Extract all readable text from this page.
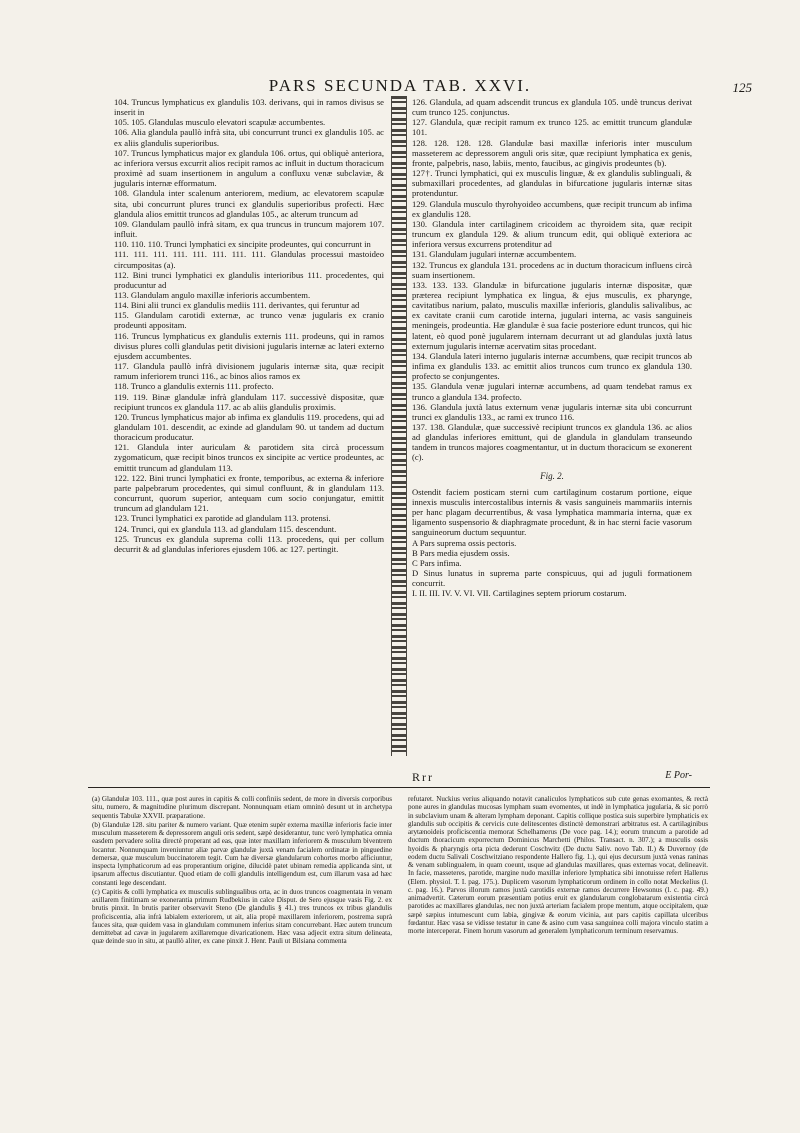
PARS SECUNDA TAB. XXVI.	125

104. Truncus lymphaticus ex glandulis 103. derivans, qui in ramos divisus se inserit in

105. 105. Glandulas musculo elevatori scapulæ accumbentes.

106. Alia glandula paullò infrà sita, ubi concurrunt trunci ex glandulis 105. ac ex aliis glandulis superioribus.

107. Truncus lymphaticus major ex glandula 106. ortus, qui obliquè anteriora, ac inferiora versus excurrit alios recipit ramos ac influit in ductum thoracicum proximè ad suam insertionem in angulum a confluxu venæ subclaviæ, & jugularis internæ efformatum.

108. Glandula inter scalenum anteriorem, medium, ac elevatorem scapulæ sita, ubi concurrunt plures trunci ex glandulis superioribus profecti. Hæc glandula alios emittit truncos ad glandulas 105., ac alterum truncum ad

109. Glandulam paullò infrà sitam, ex qua truncus in truncum majorem 107. influit.

110. 110. 110. Trunci lymphatici ex sincipite prodeuntes, qui concurrunt in

111. 111. 111. 111. 111. 111. 111. 111. Glandulas processui mastoideo circumpositas (a).

112. Bini trunci lymphatici ex glandulis interioribus 111. procedentes, qui producuntur ad

113. Glandulam angulo maxillæ inferioris accumbentem.

114. Bini alii trunci ex glandulis mediis 111. derivantes, qui feruntur ad

115. Glandulam carotidi externæ, ac trunco venæ jugularis ex cranio prodeunti appositam.

116. Truncus lymphaticus ex glandulis externis 111. prodeuns, qui in ramos divisus plures colli glandulas petit divisioni jugularis internæ ac lateri externo ejusdem accumbentes.

117. Glandula paullò infrà divisionem jugularis internæ sita, quæ recipit ramum inferiorem trunci 116., ac binos alios ramos ex

118. Trunco a glandulis externis 111. profecto.

119. 119. Binæ glandulæ infrà glandulam 117. successivè dispositæ, quæ recipiunt truncos ex glandula 117. ac ab aliis glandulis proximis.

120. Truncus lymphaticus major ab infima ex glandulis 119. procedens, qui ad glandulam 101. descendit, ac exinde ad glandulam 90. ut tandem ad ductum thoracicum producatur.

121. Glandula inter auriculam & parotidem sita circà processum zygomaticum, quæ recipit binos truncos ex sincipite ac vertice prodeuntes, ac emittit truncum ad glandulam 113.

122. 122. Bini trunci lymphatici ex fronte, temporibus, ac externa & inferiore parte palpebrarum procedentes, qui simul confluunt, & in glandulam 113. concurrunt, quorum superior, antequam cum socio conjungatur, emittit truncum ad glandulam 121.

123. Trunci lymphatici ex parotide ad glandulam 113. protensi.

124. Trunci, qui ex glandula 113. ad glandulam 115. descendunt.

125. Truncus ex glandula suprema colli 113. procedens, qui per collum decurrit & ad glandulas inferiores ejusdem 106. ac 127. pertingit.

126. Glandula, ad quam adscendit truncus ex glandula 105. undè truncus derivat cum trunco 125. conjunctus.

127. Glandula, quæ recipit ramum ex trunco 125. ac emittit truncum glandulæ 101.

128. 128. 128. 128. Glandulæ basi maxillæ inferioris inter musculum masseterem ac depressorem anguli oris sitæ, quæ recipiunt lymphatica ex genis, fronte, palpebris, naso, labiis, mento, faucibus, ac gingivis prodeuntes (b).

127†. Trunci lymphatici, qui ex musculis linguæ, & ex glandulis sublinguali, & submaxillari procedentes, ad glandulas in bifurcatione jugularis internæ sitas protenduntur.

129. Glandula musculo thyrohyoideo accumbens, quæ recipit truncum ab infima ex glandulis 128.

130. Glandula inter cartilaginem cricoidem ac thyroidem sita, quæ recipit truncum ex glandula 129. & alium truncum edit, qui obliquè exteriora ac inferiora versus excurrens protenditur ad

131. Glandulam jugulari internæ accumbentem.

132. Truncus ex glandula 131. procedens ac in ductum thoracicum influens circà suam insertionem.

133. 133. 133. Glandulæ in bifurcatione jugularis internæ dispositæ, quæ præterea recipiunt lymphatica ex lingua, & ejus musculis, ex pharynge, cavitatibus narium, palato, musculis maxillæ inferioris, glandulis salivalibus, ac ex cavitate cranii cum carotide interna, jugulari interna, ac vasis sanguineis meningeis, prodeuntia. Hæ glandulæ è sua facie posteriore edunt truncos, qui hic latent, eò quod ponè jugularem internam decurrant ut ad glandulas juxtà latus externum jugularis internæ acervatim sitas procedant.

134. Glandula lateri interno jugularis internæ accumbens, quæ recipit truncos ab infima ex glandulis 133. ac emittit alios truncos cum trunco ex glandula 130. profecto se conjungentes.

135. Glandula venæ jugulari internæ accumbens, ad quam tendebat ramus ex trunco a glandula 134. profecto.

136. Glandula juxtà latus externum venæ jugularis internæ sita ubi concurrunt trunci ex glandulis 133., ac rami ex trunco 116.

137. 138. Glandulæ, quæ successivè recipiunt truncos ex glandula 136. ac alios ad glandulas inferiores emittunt, qui de glandula in glandulam transeundo tandem in truncos majores coagmentantur, ut in ductum thoracicum se exonerent (c).

Fig. 2.

Ostendit faciem posticam sterni cum cartilaginum costarum portione, eique innexis musculis intercostalibus internis & vasis sanguineis mammariis internis per hanc plagam decurrentibus, & vasa lymphatica mammaria interna, quæ ex ligamento suspensorio & diaphragmate procedunt, & in hac sterni facie vasorum sanguineorum ductum sequuntur.

A Pars suprema ossis pectoris.

B Pars media ejusdem ossis.

C Pars infima.

D Sinus lunatus in suprema parte conspicuus, qui ad juguli formationem concurrit.

I. II. III. IV. V. VI. VII. Cartilagines septem priorum costarum.

Rrr	E Por-

(a) Glandulæ 103. 111., quæ post aures in capitis & colli confiniis sedent, de more in diversis corporibus situ, numero, & magnitudine plurimum discrepant. Nonnunquam etiam omninò desunt ut in archetypa sequentis Tabulæ XXVII. præparatione.

(b) Glandulæ 128. situ pariter & numero variant. Quæ etenim supèr externa maxillæ inferioris facie inter musculum masseterem & depressorem anguli oris sedent, sæpè desiderantur, tunc verò lymphatica omnia easdem pervadere solita directè properant ad eas, quæ inter maxillam inferiorem & musculum biventrem locantur. Nonnunquam inveniuntur aliæ parvæ glandulæ juxtà venam facialem ordinatæ in pinguedine demersæ, quæ musculum buccinatorem tegit. Cum hæ diversæ glandularum cohortes morbo afficiuntur, inspecta lymphaticorum ad eas properantium origine, dilucidè patet ubinam remedia applicanda sint, ut ipsarum affectus discutiantur. Quod etiam de colli glandulis intelligendum est, cum illarum vasa ad hæc constanti lege descendant.

(c) Capitis & colli lymphatica ex musculis sublingualibus orta, ac in duos truncos coagmentata in venam axillarem finitimam se exonerantia primum Rudbekius in calce Disput. de Sero ejusque vasis Fig. 2. ex brutis pinxit. In brutis pariter observavit Steno (De glandulis § 41.) tres truncos ex tribus glandulis proficiscentia, alia infrà labialem exteriorem, ut ait, alia propè maxillarem inferiorem, postrema suprà fauces sita, quæ quidem vasa in glandulam communem inferius sitam concurrebant. Hæc autem truncum demittebat ad cavæ in jugularem axillaremque divaricationem. Hæc vasa adjecit extra situm delineata, quæ deinde suo in situ, at paullò aliter, ex cane pinxit J. Henr. Pauli ut Bilsiana commenta

refutaret. Nuckius verius aliquando notavit canaliculos lymphaticos sub cute genas exornantes, & rectà pone aures in glandulas mucosas lympham suam evomentes, ut indè in lymphatica jugularia, & sic porrò in subclavium unam & alteram lympham deponant. Capitis collique postica suis superbire lymphaticis ex glandulis sub occipitis & cervicis cute delitescentes distinctè demonstrari arbitratus est. A cartilaginibus arytænoideis proficiscentia memorat Schelhamerus (De voce pag. 14.); eorum truncum a parotide ad ductum thoracicum exporrectum Dominicus Marchetti (Philos. Transact. n. 307.); a musculis ossis hyoidis & pharyngis orta picta dederunt Coschwitz (De ductu Saliv. novo Tab. II.) & Duvernoy (de eodem ductu Salivali Coschwitziano respondente Hallero fig. 1.), qui ejus decursum juxtà venas raninas & venam sublingualem, in quam coeunt, usque ad glandulas maxillares, quas externas vocat, delineavit. In facie, masseteres, parotide, margine nudo maxillæ inferiore lymphatica sibi innotuisse refert Hallerus (Elem. physiol. T. I. pag. 175.). Duplicem vasorum lymphaticorum ordinem in collo notat Meckelius (l. c. pag. 16.). Parvos illorum ramos juxtà carotidis externæ ramos decurrere Hewsonus (l. c. pag. 49.) animadvertit. Cæterum eorum præsentiam potius eruit ex glandularum conglobatarum existentia circà parotides ac maxillares glandulas, nec non juxtà arteriam facialem prope mentum, atque occipitalem, quæ sæpè sæpius intumescunt cum labia, gingivæ & eorum vicinia, aut pars capitis capillata ulceribus fœdantur. Hæc vasa se vidisse testatur in cane & asino cum vasa sanguinea colli majora vinculo statim a morte interceperat. Finem horum vasorum ad generalem lymphaticorum terminum reservamus.
